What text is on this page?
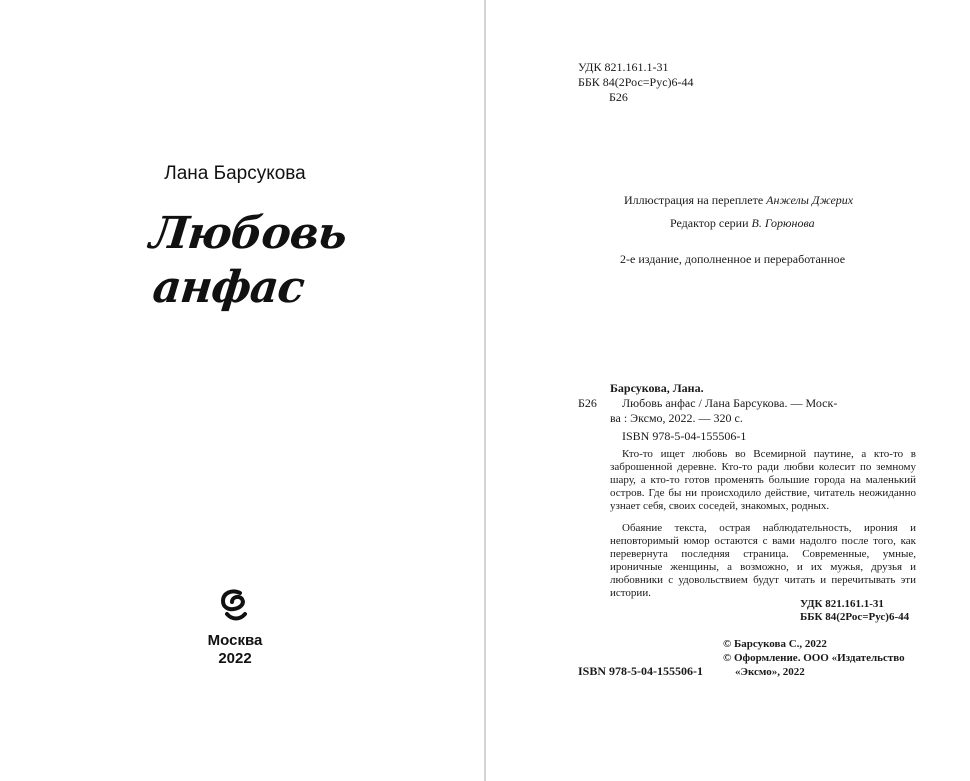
Лана Барсукова
Любовь
анфас
Москва
2022
УДК 821.161.1-31
ББК 84(2Рос=Рус)6-44
Б26
Иллюстрация на переплете Анжелы Джерих
Редактор серии В. Горюнова
2-е издание, дополненное и переработанное
Барсукова, Лана.
Б26 Любовь анфас / Лана Барсукова. — Моск-
ва : Эксмо, 2022. — 320 с.
ISBN 978-5-04-155506-1
Кто-то ищет любовь во Всемирной паутине, а кто-то в заброшенной деревне. Кто-то ради любви колесит по земному шару, а кто-то готов променять большие города на маленький остров. Где бы ни происходило действие, читатель неожиданно узнает себя, своих соседей, знакомых, родных.
Обаяние текста, острая наблюдательность, ирония и неповторимый юмор остаются с вами надолго после того, как перевернута последняя страница. Современные, умные, ироничные женщины, а возможно, и их мужья, друзья и любовники с удовольствием будут читать и перечитывать эти истории.
УДК 821.161.1-31
ББК 84(2Рос=Рус)6-44
© Барсукова С., 2022
© Оформление. ООО «Издательство
«Эксмо», 2022
ISBN 978-5-04-155506-1
